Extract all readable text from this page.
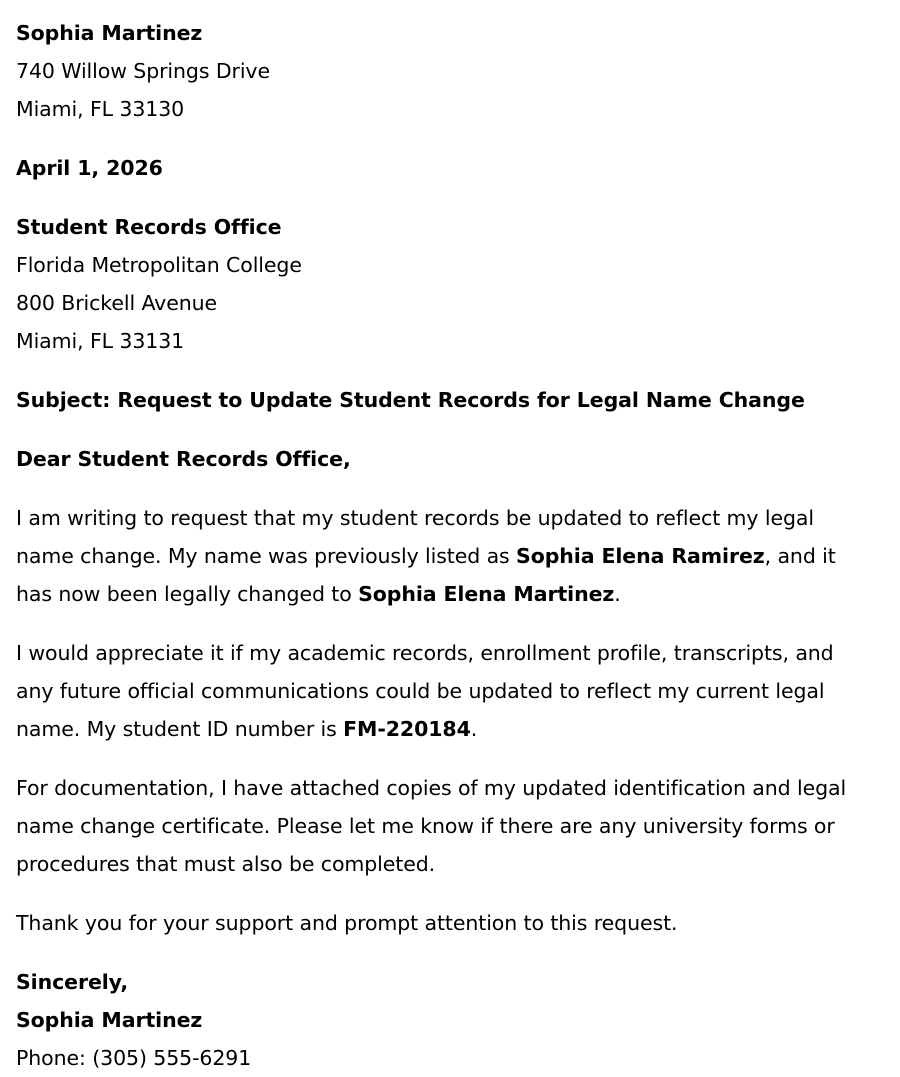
Sophia Martinez
740 Willow Springs Drive
Miami, FL 33130
April 1, 2026
Student Records Office
Florida Metropolitan College
800 Brickell Avenue
Miami, FL 33131
Subject: Request to Update Student Records for Legal Name Change
Dear Student Records Office,

I am writing to request that my student records be updated to reflect my legal name change. My name was previously listed as Sophia Elena Ramirez, and it has now been legally changed to Sophia Elena Martinez.

I would appreciate it if my academic records, enrollment profile, transcripts, and any future official communications could be updated to reflect my current legal name. My student ID number is FM-220184.

For documentation, I have attached copies of my updated identification and legal name change certificate. Please let me know if there are any university forms or procedures that must also be completed.

Thank you for your support and prompt attention to this request.

Sincerely,
Sophia Martinez
Phone: (305) 555-6291
